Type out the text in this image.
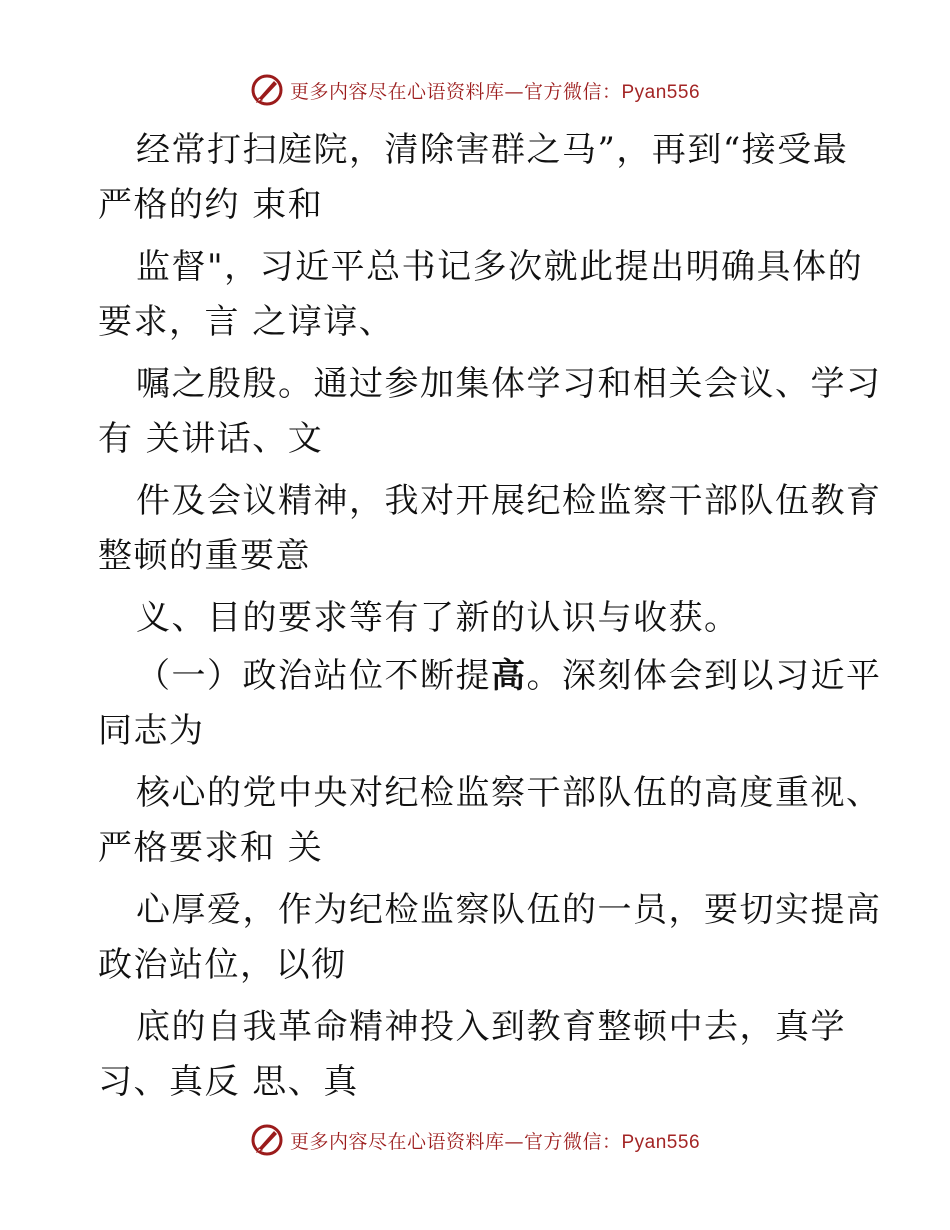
更多内容尽在心语资料库—官方微信：Pyan556
经常打扫庭院，清除害群之马”，再到“接受最
严格的约 束和
监督"，习近平总书记多次就此提出明确具体的
要求，言 之谆谆、
嘱之殷殷。通过参加集体学习和相关会议、学习
有 关讲话、文
件及会议精神，我对开展纪检监察干部队伍教育
整顿的重要意
义、目的要求等有了新的认识与收获。
（一）政治站位不断提高。深刻体会到以习近平
同志为
核心的党中央对纪检监察干部队伍的高度重视、
严格要求和 关
心厚爱，作为纪检监察队伍的一员，要切实提高
政治站位，以彻
底的自我革命精神投入到教育整顿中去，真学
习、真反 思、真
更多内容尽在心语资料库—官方微信：Pyan556
